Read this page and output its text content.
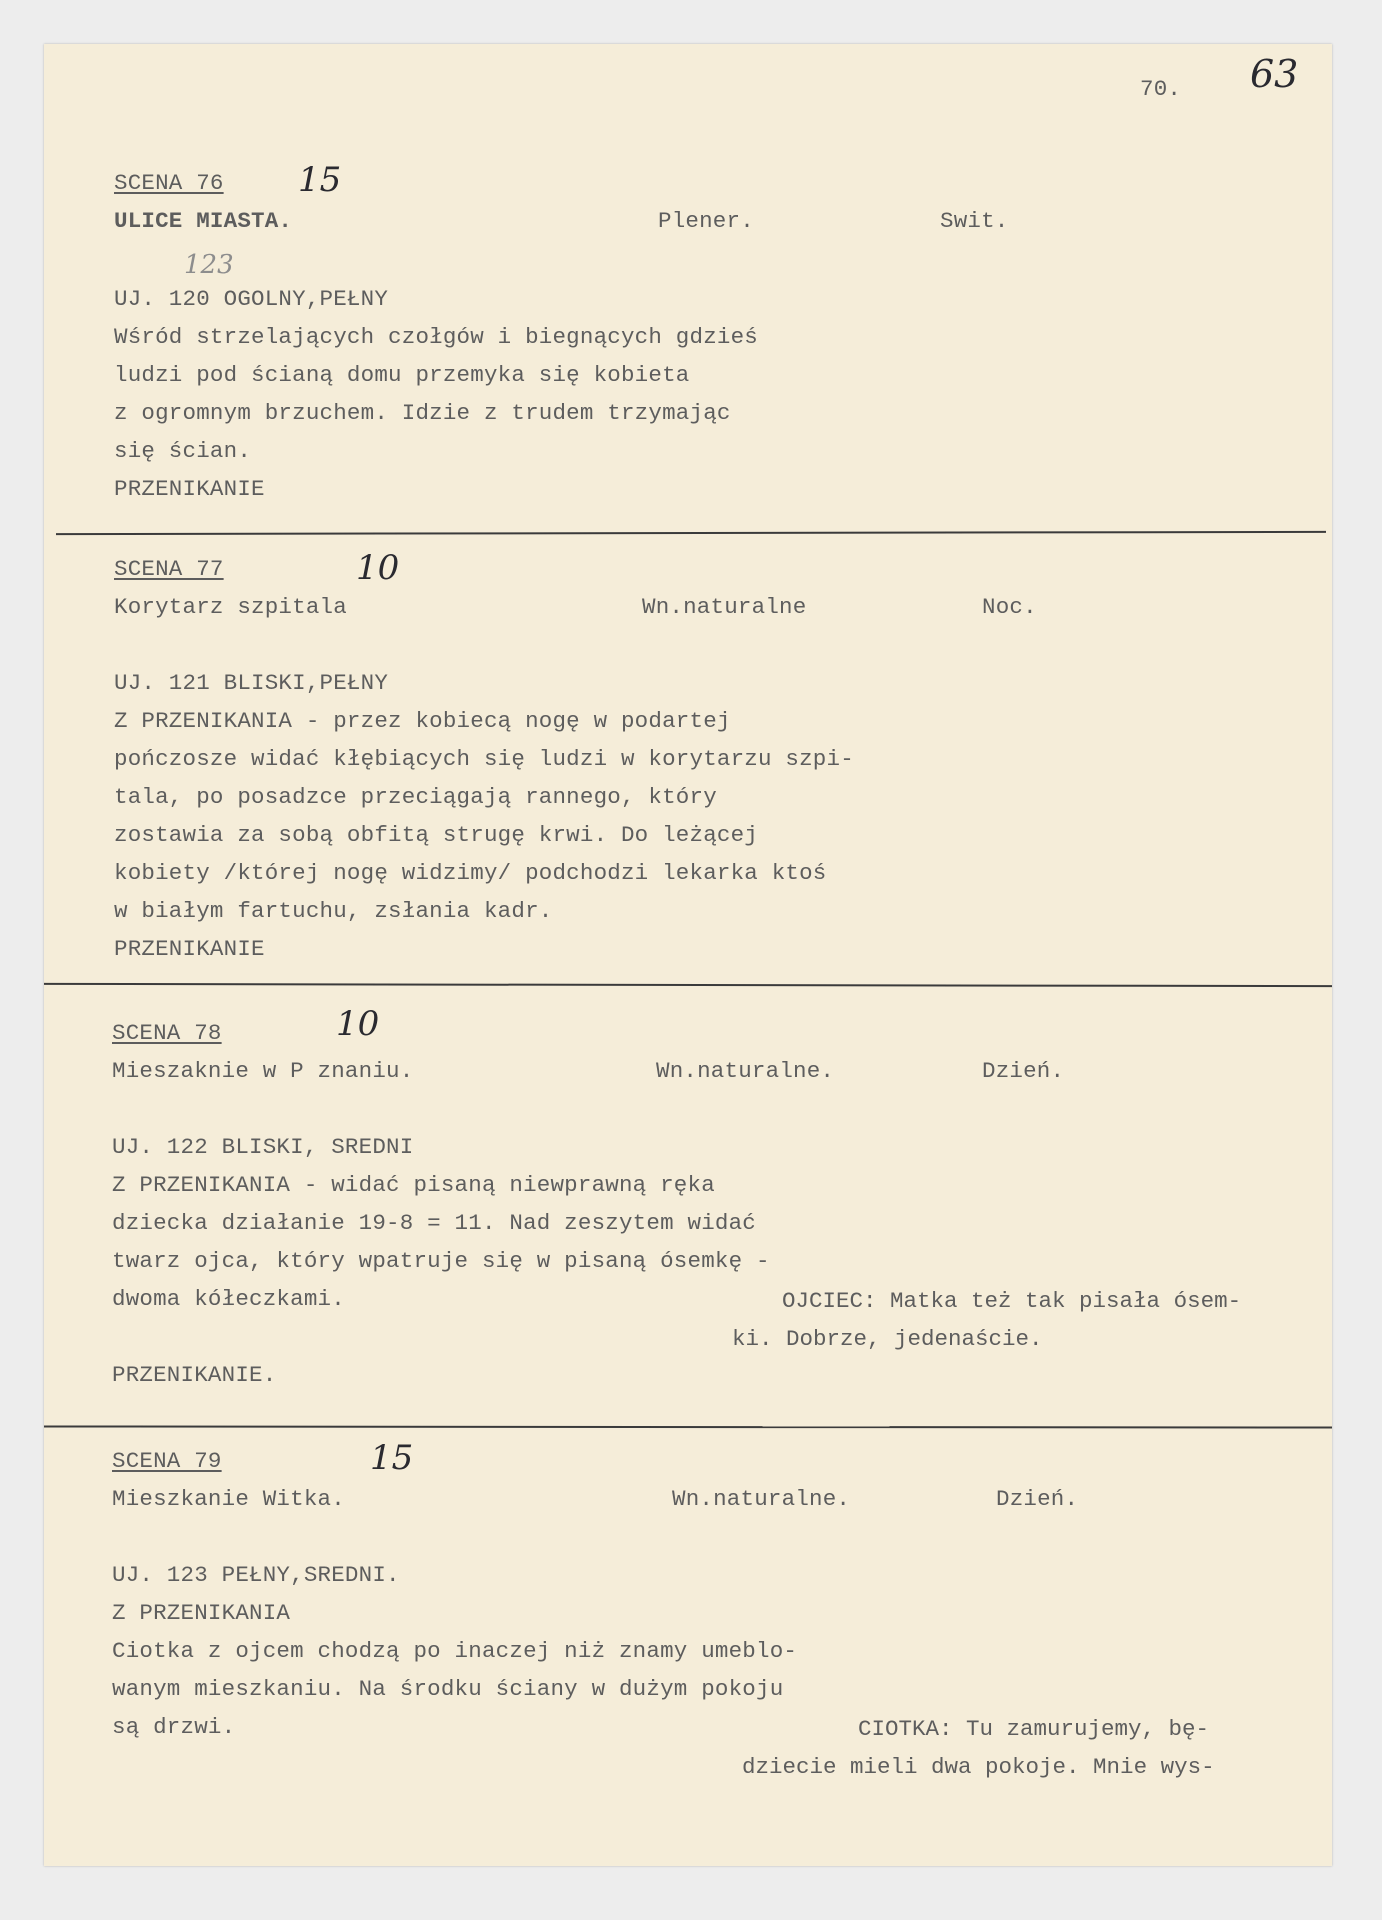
70. 63
SCENA 76 15
ULICE MIASTA.	Plener.	Swit.
123
UJ. 120 OGOLNY,PEŁNY
Wśród strzelających czołgów i biegnących gdzieś
ludzi pod ścianą domu przemyka się kobieta
z ogromnym brzuchem. Idzie z trudem trzymając
się ścian.
PRZENIKANIE
SCENA 77	10
Korytarz szpitala	Wn.naturalne	Noc.
UJ. 121 BLISKI,PEŁNY
Z PRZENIKANIA - przez kobiecą nogę w podartej
pończosze widać kłębiących się ludzi w korytarzu szpi-
tala, po posadzce przeciągają rannego, który
zostawia za sobą obfitą strugę krwi. Do leżącej
kobiety /której nogę widzimy/ podchodzi lekarka ktoś
w białym fartuchu, zsłania kadr.
PRZENIKANIE
SCENA 78	10
Mieszaknie w P znaniu.	Wn.naturalne.	Dzień.
UJ. 122 BLISKI, SREDNI
Z PRZENIKANIA - widać pisaną niewprawną ręka
dziecka działanie 19-8 = 11. Nad zeszytem widać
twarz ojca, który wpatruje się w pisaną ósemkę -
dwoma kółeczkami.	OJCIEC: Matka też tak pisała ósem-
ki. Dobrze, jedenaście.
PRZENIKANIE.
SCENA 79	15
Mieszkanie Witka.	Wn.naturalne.	Dzień.
UJ. 123 PEŁNY,SREDNI.
Z PRZENIKANIA
Ciotka z ojcem chodzą po inaczej niż znamy umeblo-
wanym mieszkaniu. Na środku ściany w dużym pokoju
są drzwi.	CIOTKA: Tu zamurujemy, bę-
dziecie mieli dwa pokoje. Mnie wys-
